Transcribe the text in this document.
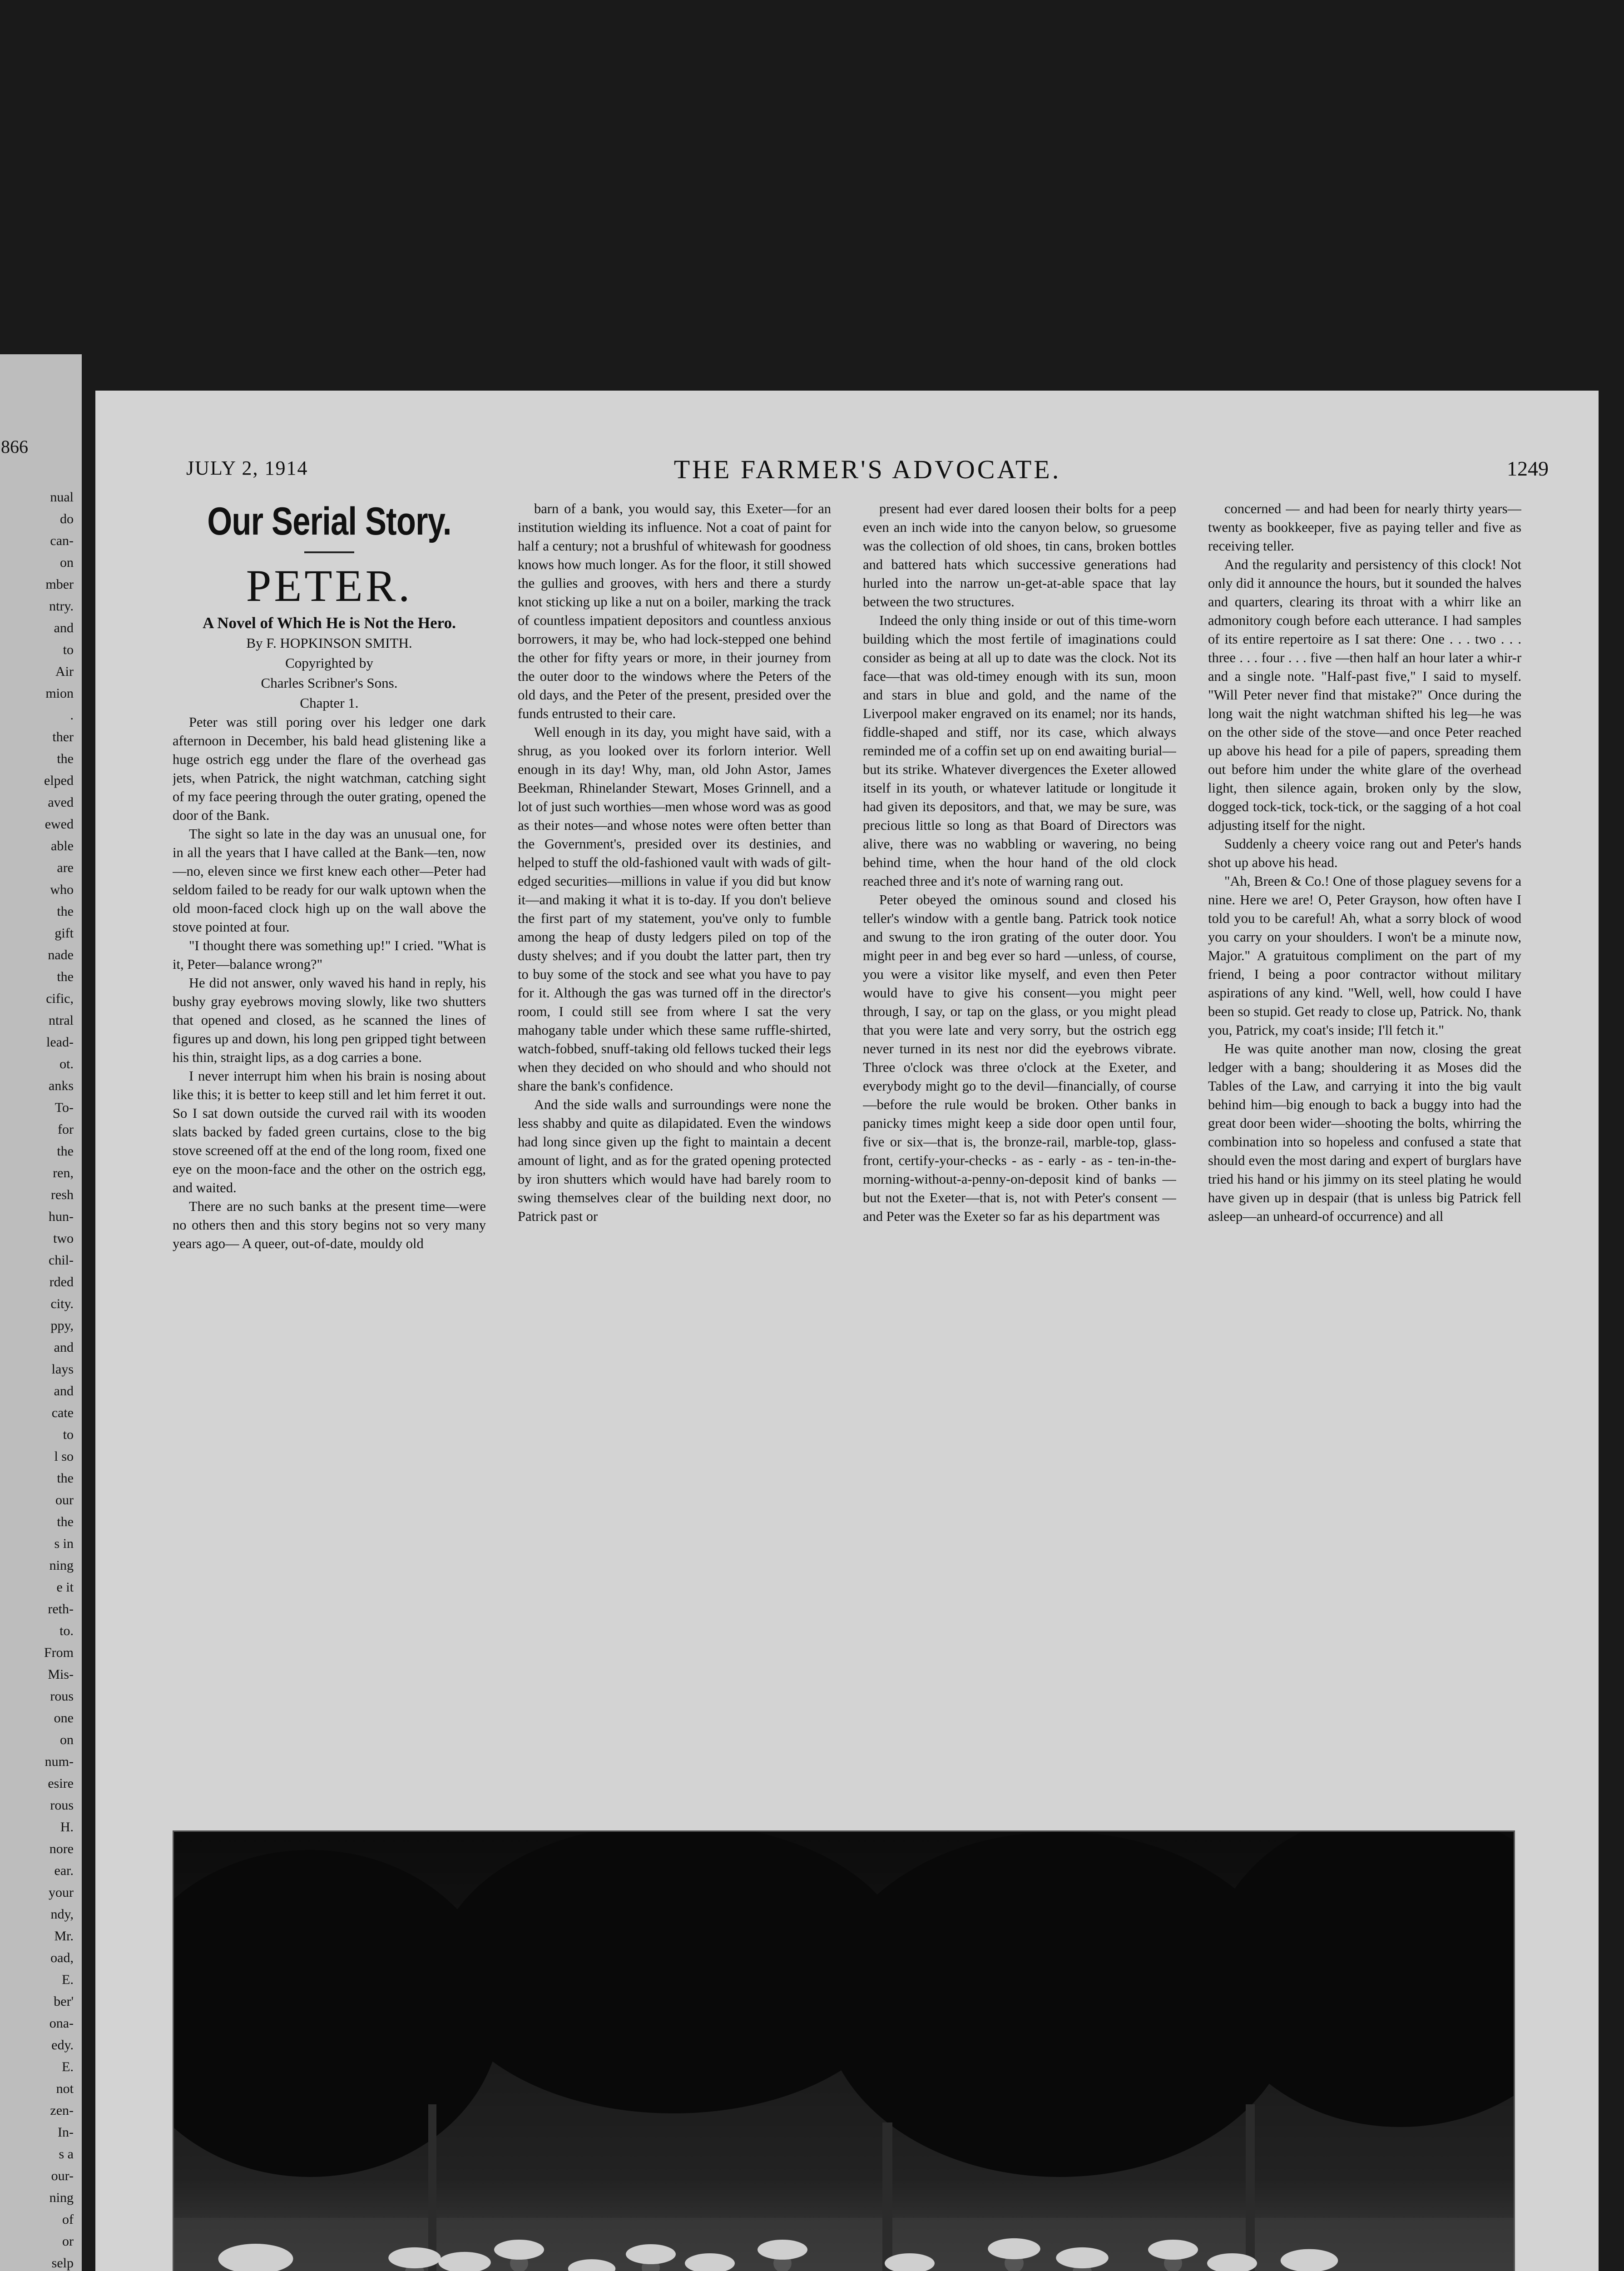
866
nual
do
can-
on
mber
ntry.
and
to
Air
mion
.
ther
the
elped
aved
ewed
able
are
who
the
gift
nade
the
cific,
ntral
lead-
ot.
anks
To-
for
the
ren,
resh
hun-
two
chil-
rded
city.
ppy,
and
lays
and
cate
to
l so
the
our
the
s in
ning
e it
reth-
to.
From
Mis-
rous
one
on
num-
esire
rous
H.
nore
ear.
your
ndy,
Mr.
oad,
E.
ber'
ona-
edy.
E.
not
zen-
In-
s a
our-
ning
of
or
selp
JULY 2, 1914	THE FARMER'S ADVOCATE.	1249
Our Serial Story.
PETER.
A Novel of Which He is Not the Hero.

By F. HOPKINSON SMITH.

Copyrighted by

Charles Scribner's Sons.

Chapter 1.

Peter was still poring over his ledger one dark afternoon in December, his bald head glistening like a huge ostrich egg under the flare of the overhead gas jets, when Patrick, the night watchman, catching sight of my face peering through the outer grating, opened the door of the Bank.

The sight so late in the day was an unusual one, for in all the years that I have called at the Bank—ten, now—no, eleven since we first knew each other—Peter had seldom failed to be ready for our walk uptown when the old moon-faced clock high up on the wall above the stove pointed at four.

"I thought there was something up!" I cried. "What is it, Peter—balance wrong?"

He did not answer, only waved his hand in reply, his bushy gray eyebrows moving slowly, like two shutters that opened and closed, as he scanned the lines of figures up and down, his long pen gripped tight between his thin, straight lips, as a dog carries a bone.

I never interrupt him when his brain is nosing about like this; it is better to keep still and let him ferret it out. So I sat down outside the curved rail with its wooden slats backed by faded green curtains, close to the big stove screened off at the end of the long room, fixed one eye on the moon-face and the other on the ostrich egg, and waited.

There are no such banks at the present time—were no others then and this story begins not so very many years ago— A queer, out-of-date, mouldy old

barn of a bank, you would say, this Exeter—for an institution wielding its influence. Not a coat of paint for half a century; not a brushful of whitewash for goodness knows how much longer. As for the floor, it still showed the gullies and grooves, with hers and there a sturdy knot sticking up like a nut on a boiler, marking the track of countless impatient depositors and countless anxious borrowers, it may be, who had lock-stepped one behind the other for fifty years or more, in their journey from the outer door to the windows where the Peters of the old days, and the Peter of the present, presided over the funds entrusted to their care.

Well enough in its day, you might have said, with a shrug, as you looked over its forlorn interior. Well enough in its day! Why, man, old John Astor, James Beekman, Rhinelander Stewart, Moses Grinnell, and a lot of just such worthies—men whose word was as good as their notes—and whose notes were often better than the Government's, presided over its destinies, and helped to stuff the old-fashioned vault with wads of gilt-edged securities—millions in value if you did but know it—and making it what it is to-day. If you don't believe the first part of my statement, you've only to fumble among the heap of dusty ledgers piled on top of the dusty shelves; and if you doubt the latter part, then try to buy some of the stock and see what you have to pay for it. Although the gas was turned off in the director's room, I could still see from where I sat the very mahogany table under which these same ruffle-shirted, watch-fobbed, snuff-taking old fellows tucked their legs when they decided on who should and who should not share the bank's confidence.

And the side walls and surroundings were none the less shabby and quite as dilapidated. Even the windows had long since given up the fight to maintain a decent amount of light, and as for the grated opening protected by iron shutters which would have had barely room to swing themselves clear of the building next door, no Patrick past or

present had ever dared loosen their bolts for a peep even an inch wide into the canyon below, so gruesome was the collection of old shoes, tin cans, broken bottles and battered hats which successive generations had hurled into the narrow un-get-at-able space that lay between the two structures.

Indeed the only thing inside or out of this time-worn building which the most fertile of imaginations could consider as being at all up to date was the clock. Not its face—that was old-timey enough with its sun, moon and stars in blue and gold, and the name of the Liverpool maker engraved on its enamel; nor its hands, fiddle-shaped and stiff, nor its case, which always reminded me of a coffin set up on end awaiting burial—but its strike. Whatever divergences the Exeter allowed itself in its youth, or whatever latitude or longitude it had given its depositors, and that, we may be sure, was precious little so long as that Board of Directors was alive, there was no wabbling or wavering, no being behind time, when the hour hand of the old clock reached three and it's note of warning rang out.

Peter obeyed the ominous sound and closed his teller's window with a gentle bang. Patrick took notice and swung to the iron grating of the outer door. You might peer in and beg ever so hard —unless, of course, you were a visitor like myself, and even then Peter would have to give his consent—you might peer through, I say, or tap on the glass, or you might plead that you were late and very sorry, but the ostrich egg never turned in its nest nor did the eyebrows vibrate. Three o'clock was three o'clock at the Exeter, and everybody might go to the devil—financially, of course—before the rule would be broken. Other banks in panicky times might keep a side door open until four, five or six—that is, the bronze-rail, marble-top, glass-front, certify-your-checks - as - early - as - ten-in-the-morning-without-a-penny-on-deposit kind of banks —but not the Exeter—that is, not with Peter's consent — and Peter was the Exeter so far as his department was

concerned — and had been for nearly thirty years—twenty as bookkeeper, five as paying teller and five as receiving teller.

And the regularity and persistency of this clock! Not only did it announce the hours, but it sounded the halves and quarters, clearing its throat with a whirr like an admonitory cough before each utterance. I had samples of its entire repertoire as I sat there: One . . . two . . . three . . . four . . . five —then half an hour later a whir-r and a single note. "Half-past five," I said to myself. "Will Peter never find that mistake?" Once during the long wait the night watchman shifted his leg—he was on the other side of the stove—and once Peter reached up above his head for a pile of papers, spreading them out before him under the white glare of the overhead light, then silence again, broken only by the slow, dogged tock-tick, tock-tick, or the sagging of a hot coal adjusting itself for the night.

Suddenly a cheery voice rang out and Peter's hands shot up above his head.

"Ah, Breen & Co.! One of those plaguey sevens for a nine. Here we are! O, Peter Grayson, how often have I told you to be careful! Ah, what a sorry block of wood you carry on your shoulders. I won't be a minute now, Major." A gratuitous compliment on the part of my friend, I being a poor contractor without military aspirations of any kind. "Well, well, how could I have been so stupid. Get ready to close up, Patrick. No, thank you, Patrick, my coat's inside; I'll fetch it."

He was quite another man now, closing the great ledger with a bang; shouldering it as Moses did the Tables of the Law, and carrying it into the big vault behind him—big enough to back a buggy into had the great door been wider—shooting the bolts, whirring the combination into so hopeless and confused a state that should even the most daring and expert of burglars have tried his hand or his jimmy on its steel plating he would have given up in despair (that is unless big Patrick fell asleep—an unheard-of occurrence) and all
